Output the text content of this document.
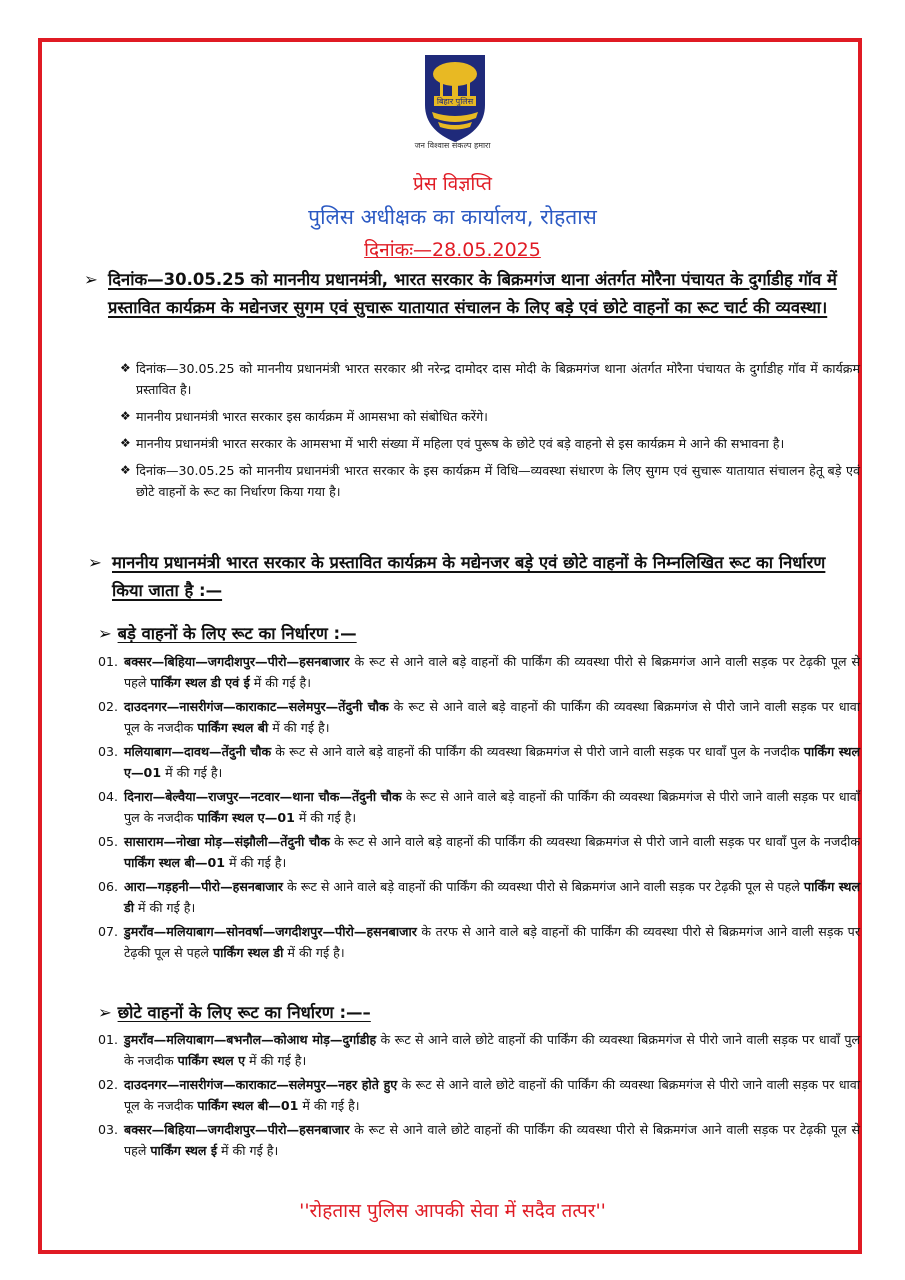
बिहार पुलिस
जन विश्वास संकल्प हमारा
प्रेस विज्ञप्ति
पुलिस अधीक्षक का कार्यालय, रोहतास
दिनांकः—28.05.2025
➢ दिनांक—30.05.25 को माननीय प्रधानमंत्री, भारत सरकार के बिक्रमगंज थाना अंतर्गत मोरैना पंचायत के दुर्गाडीह गॉव में प्रस्तावित कार्यक्रम के मद्येनजर सुगम एवं सुचारू यातायात संचालन के लिए बड़े एवं छोटे वाहनों का रूट चार्ट की व्यवस्था।
❖ दिनांक—30.05.25 को माननीय प्रधानमंत्री भारत सरकार श्री नरेन्द्र दामोदर दास मोदी के बिक्रमगंज थाना अंतर्गत मोरैना पंचायत के दुर्गाडीह गॉव में कार्यक्रम प्रस्तावित है।
❖ माननीय प्रधानमंत्री भारत सरकार इस कार्यक्रम में आमसभा को संबोधित करेंगे।
❖ माननीय प्रधानमंत्री भारत सरकार के आमसभा में भारी संख्या में महिला एवं पुरूष के छोटे एवं बड़े वाहनो से इस कार्यक्रम मे आने की सभावना है।
❖ दिनांक—30.05.25 को माननीय प्रधानमंत्री भारत सरकार के इस कार्यक्रम में विधि—व्यवस्था संधारण के लिए सुगम एवं सुचारू यातायात संचालन हेतू बड़े एवं छोटे वाहनों के रूट का निर्धारण किया गया है।
➢ माननीय प्रधानमंत्री भारत सरकार के प्रस्तावित कार्यक्रम के मद्येनजर बड़े एवं छोटे वाहनों के निम्नलिखित रूट का निर्धारण किया जाता है :—
➢ बड़े वाहनों के लिए रूट का निर्धारण :—
01. बक्सर—बिहिया—जगदीशपुर—पीरो—हसनबाजार के रूट से आने वाले बड़े वाहनों की पार्किंग की व्यवस्था पीरो से बिक्रमगंज आने वाली सड़क पर टेढ़की पूल से पहले पार्किंग स्थल डी एवं ई में की गई है।
02. दाउदनगर—नासरीगंज—काराकाट—सलेमपुर—तेंदुनी चौक के रूट से आने वाले बड़े वाहनों की पार्किंग की व्यवस्था बिक्रमगंज से पीरो जाने वाली सड़क पर धावा पूल के नजदीक पार्किंग स्थल बी में की गई है।
03. मलियाबाग—दावथ—तेंदुनी चौक के रूट से आने वाले बड़े वाहनों की पार्किंग की व्यवस्था बिक्रमगंज से पीरो जाने वाली सड़क पर धावाँ पुल के नजदीक पार्किंग स्थल ए—01 में की गई है।
04. दिनारा—बेल्वैया—राजपुर—नटवार—थाना चौक—तेंदुनी चौक के रूट से आने वाले बड़े वाहनों की पार्किंग की व्यवस्था बिक्रमगंज से पीरो जाने वाली सड़क पर धावाँ पुल के नजदीक पार्किंग स्थल ए—01 में की गई है।
05. सासाराम—नोखा मोड़—संझौली—तेंदुनी चौक के रूट से आने वाले बड़े वाहनों की पार्किंग की व्यवस्था बिक्रमगंज से पीरो जाने वाली सड़क पर धावाँ पुल के नजदीक पार्किंग स्थल बी—01 में की गई है।
06. आरा—गड़हनी—पीरो—हसनबाजार के रूट से आने वाले बड़े वाहनों की पार्किंग की व्यवस्था पीरो से बिक्रमगंज आने वाली सड़क पर टेढ़की पूल से पहले पार्किंग स्थल डी में की गई है।
07. डुमराँव—मलियाबाग—सोनवर्षा—जगदीशपुर—पीरो—हसनबाजार के तरफ से आने वाले बड़े वाहनों की पार्किंग की व्यवस्था पीरो से बिक्रमगंज आने वाली सड़क पर टेढ़की पूल से पहले पार्किंग स्थल डी में की गई है।
➢ छोटे वाहनों के लिए रूट का निर्धारण :—–
01. डुमराँव—मलियाबाग—बभनौल—कोआथ मोड़—दुर्गाडीह के रूट से आने वाले छोटे वाहनों की पार्किंग की व्यवस्था बिक्रमगंज से पीरो जाने वाली सड़क पर धावाँ पुल के नजदीक पार्किंग स्थल ए में की गई है।
02. दाउदनगर—नासरीगंज—काराकाट—सलेमपुर—नहर होते हुए के रूट से आने वाले छोटे वाहनों की पार्किंग की व्यवस्था बिक्रमगंज से पीरो जाने वाली सड़क पर धावा पूल के नजदीक पार्किंग स्थल बी—01 में की गई है।
03. बक्सर—बिहिया—जगदीशपुर—पीरो—हसनबाजार के रूट से आने वाले छोटे वाहनों की पार्किंग की व्यवस्था पीरो से बिक्रमगंज आने वाली सड़क पर टेढ़की पूल से पहले पार्किंग स्थल ई में की गई है।
''रोहतास पुलिस आपकी सेवा में सदैव तत्पर''
